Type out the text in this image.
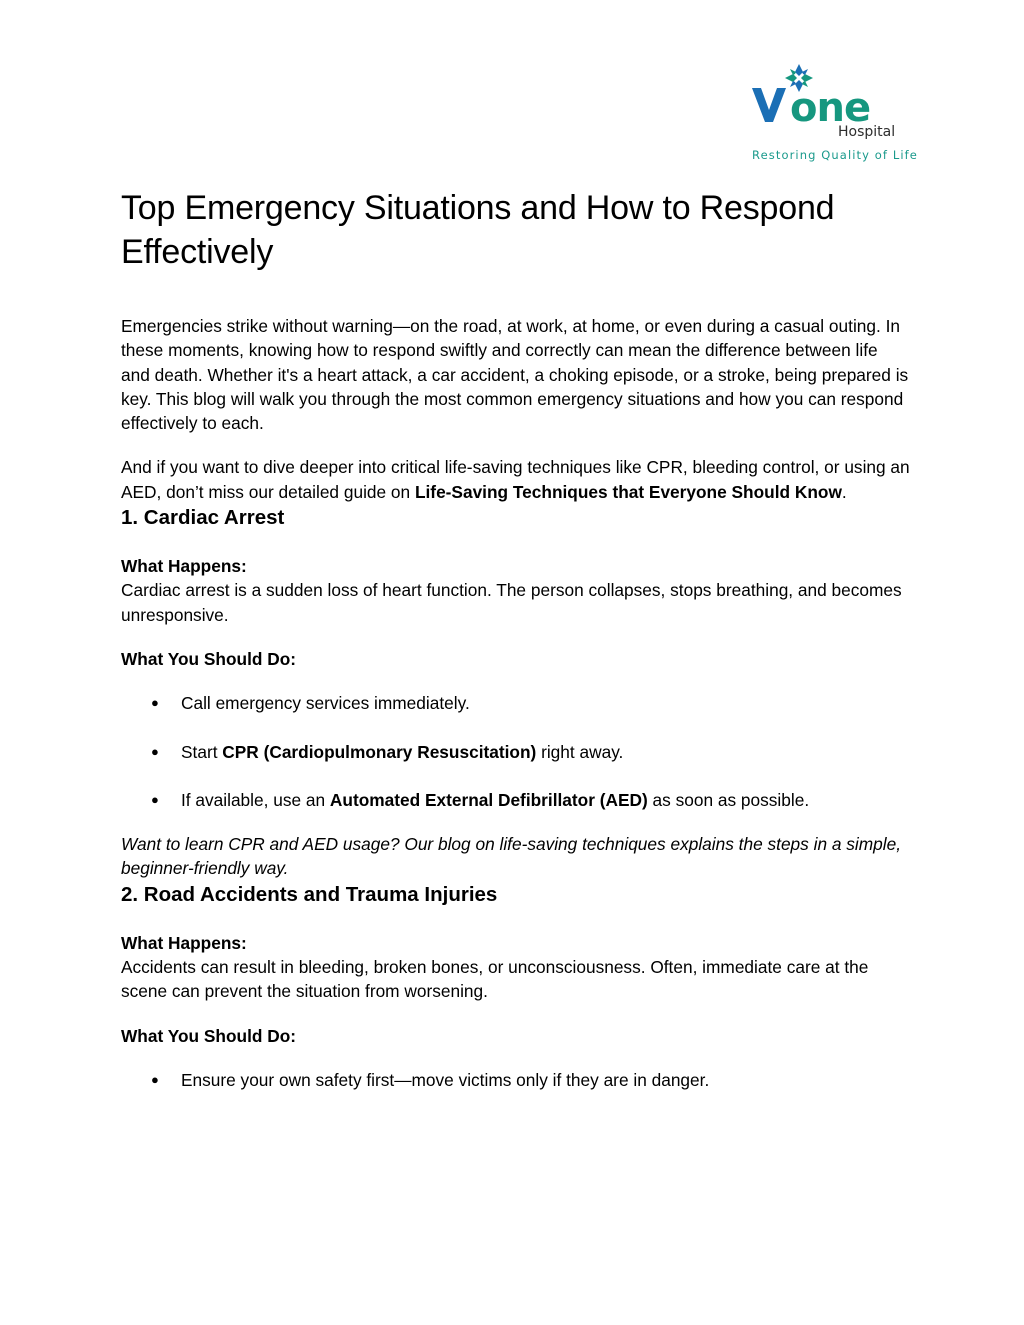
one
Hospital
Restoring Quality of Life
Top Emergency Situations and How to Respond Effectively

Emergencies strike without warning—on the road, at work, at home, or even during a casual outing. In these moments, knowing how to respond swiftly and correctly can mean the difference between life and death. Whether it's a heart attack, a car accident, a choking episode, or a stroke, being prepared is key. This blog will walk you through the most common emergency situations and how you can respond effectively to each.

And if you want to dive deeper into critical life-saving techniques like CPR, bleeding control, or using an AED, don’t miss our detailed guide on Life-Saving Techniques that Everyone Should Know.

1. Cardiac Arrest

What Happens:
Cardiac arrest is a sudden loss of heart function. The person collapses, stops breathing, and becomes unresponsive.

What You Should Do:

● Call emergency services immediately.
● Start CPR (Cardiopulmonary Resuscitation) right away.
● If available, use an Automated External Defibrillator (AED) as soon as possible.

Want to learn CPR and AED usage? Our blog on life-saving techniques explains the steps in a simple, beginner-friendly way.

2. Road Accidents and Trauma Injuries

What Happens:
Accidents can result in bleeding, broken bones, or unconsciousness. Often, immediate care at the scene can prevent the situation from worsening.

What You Should Do:

● Ensure your own safety first—move victims only if they are in danger.
